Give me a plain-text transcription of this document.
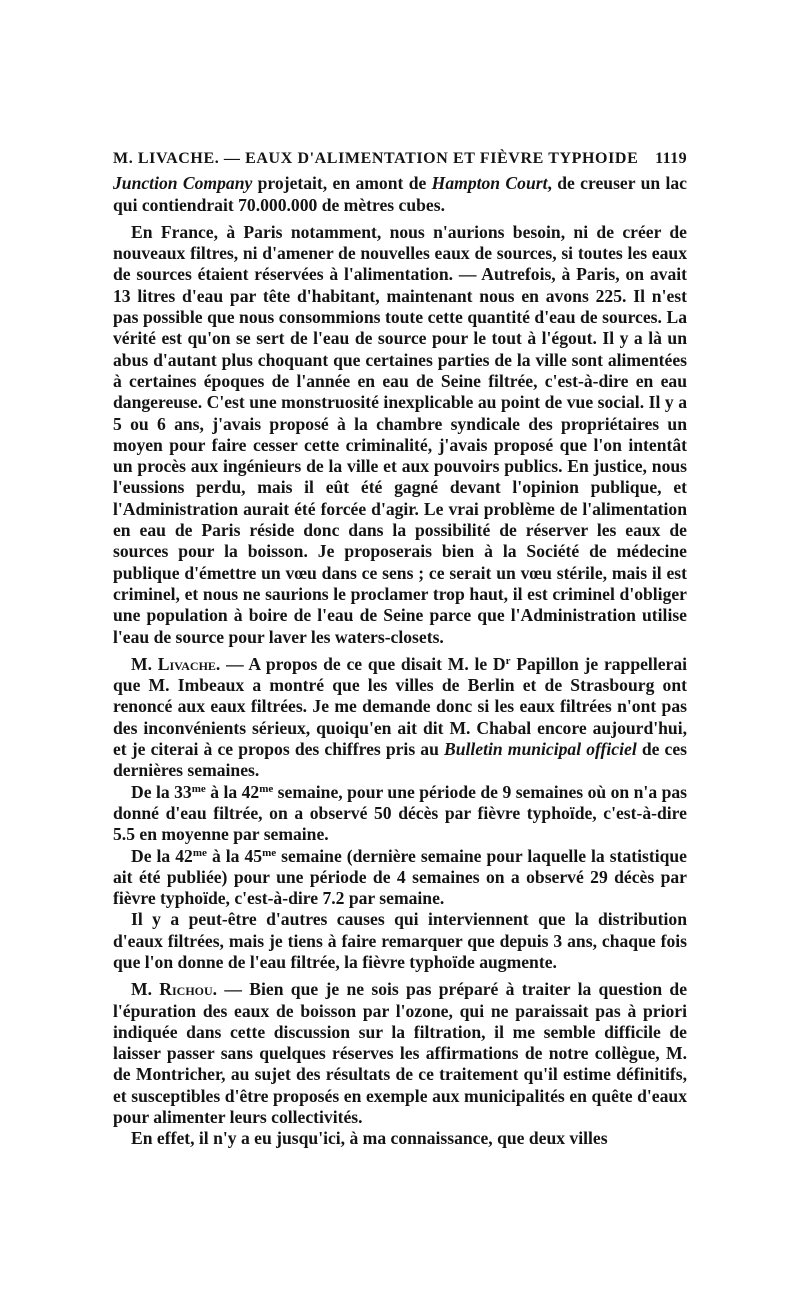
M. LIVACHE. — EAUX D'ALIMENTATION ET FIÈVRE TYPHOIDE 1119

Junction Company projetait, en amont de Hampton Court, de creuser un lac qui contiendrait 70.000.000 de mètres cubes.

En France, à Paris notamment, nous n'aurions besoin, ni de créer de nouveaux filtres, ni d'amener de nouvelles eaux de sources, si toutes les eaux de sources étaient réservées à l'alimentation. — Autrefois, à Paris, on avait 13 litres d'eau par tête d'habitant, maintenant nous en avons 225. Il n'est pas possible que nous consommions toute cette quantité d'eau de sources. La vérité est qu'on se sert de l'eau de source pour le tout à l'égout. Il y a là un abus d'autant plus choquant que certaines parties de la ville sont alimentées à certaines époques de l'année en eau de Seine filtrée, c'est-à-dire en eau dangereuse. C'est une monstruosité inexplicable au point de vue social. Il y a 5 ou 6 ans, j'avais proposé à la chambre syndicale des propriétaires un moyen pour faire cesser cette criminalité, j'avais proposé que l'on intentât un procès aux ingénieurs de la ville et aux pouvoirs publics. En justice, nous l'eussions perdu, mais il eût été gagné devant l'opinion publique, et l'Administration aurait été forcée d'agir. Le vrai problème de l'alimentation en eau de Paris réside donc dans la possibilité de réserver les eaux de sources pour la boisson. Je proposerais bien à la Société de médecine publique d'émettre un vœu dans ce sens ; ce serait un vœu stérile, mais il est criminel, et nous ne saurions le proclamer trop haut, il est criminel d'obliger une population à boire de l'eau de Seine parce que l'Administration utilise l'eau de source pour laver les waters-closets.

M. Livache. — A propos de ce que disait M. le $D^r$ Papillon je rappellerai que M. Imbeaux a montré que les villes de Berlin et de Strasbourg ont renoncé aux eaux filtrées. Je me demande donc si les eaux filtrées n'ont pas des inconvénients sérieux, quoiqu'en ait dit M. Chabal encore aujourd'hui, et je citerai à ce propos des chiffres pris au Bulletin municipal officiel de ces dernières semaines.

De la $33^{me}$ à la $42^{me}$ semaine, pour une période de 9 semaines où on n'a pas donné d'eau filtrée, on a observé 50 décès par fièvre typhoïde, c'est-à-dire 5.5 en moyenne par semaine.

De la $42^{me}$ à la $45^{me}$ semaine (dernière semaine pour laquelle la statistique ait été publiée) pour une période de 4 semaines on a observé 29 décès par fièvre typhoïde, c'est-à-dire 7.2 par semaine.

Il y a peut-être d'autres causes qui interviennent que la distribution d'eaux filtrées, mais je tiens à faire remarquer que depuis 3 ans, chaque fois que l'on donne de l'eau filtrée, la fièvre typhoïde augmente.

M. Richou. — Bien que je ne sois pas préparé à traiter la question de l'épuration des eaux de boisson par l'ozone, qui ne paraissait pas à priori indiquée dans cette discussion sur la filtration, il me semble difficile de laisser passer sans quelques réserves les affirmations de notre collègue, M. de Montricher, au sujet des résultats de ce traitement qu'il estime définitifs, et susceptibles d'être proposés en exemple aux municipalités en quête d'eaux pour alimenter leurs collectivités.

En effet, il n'y a eu jusqu'ici, à ma connaissance, que deux villes
